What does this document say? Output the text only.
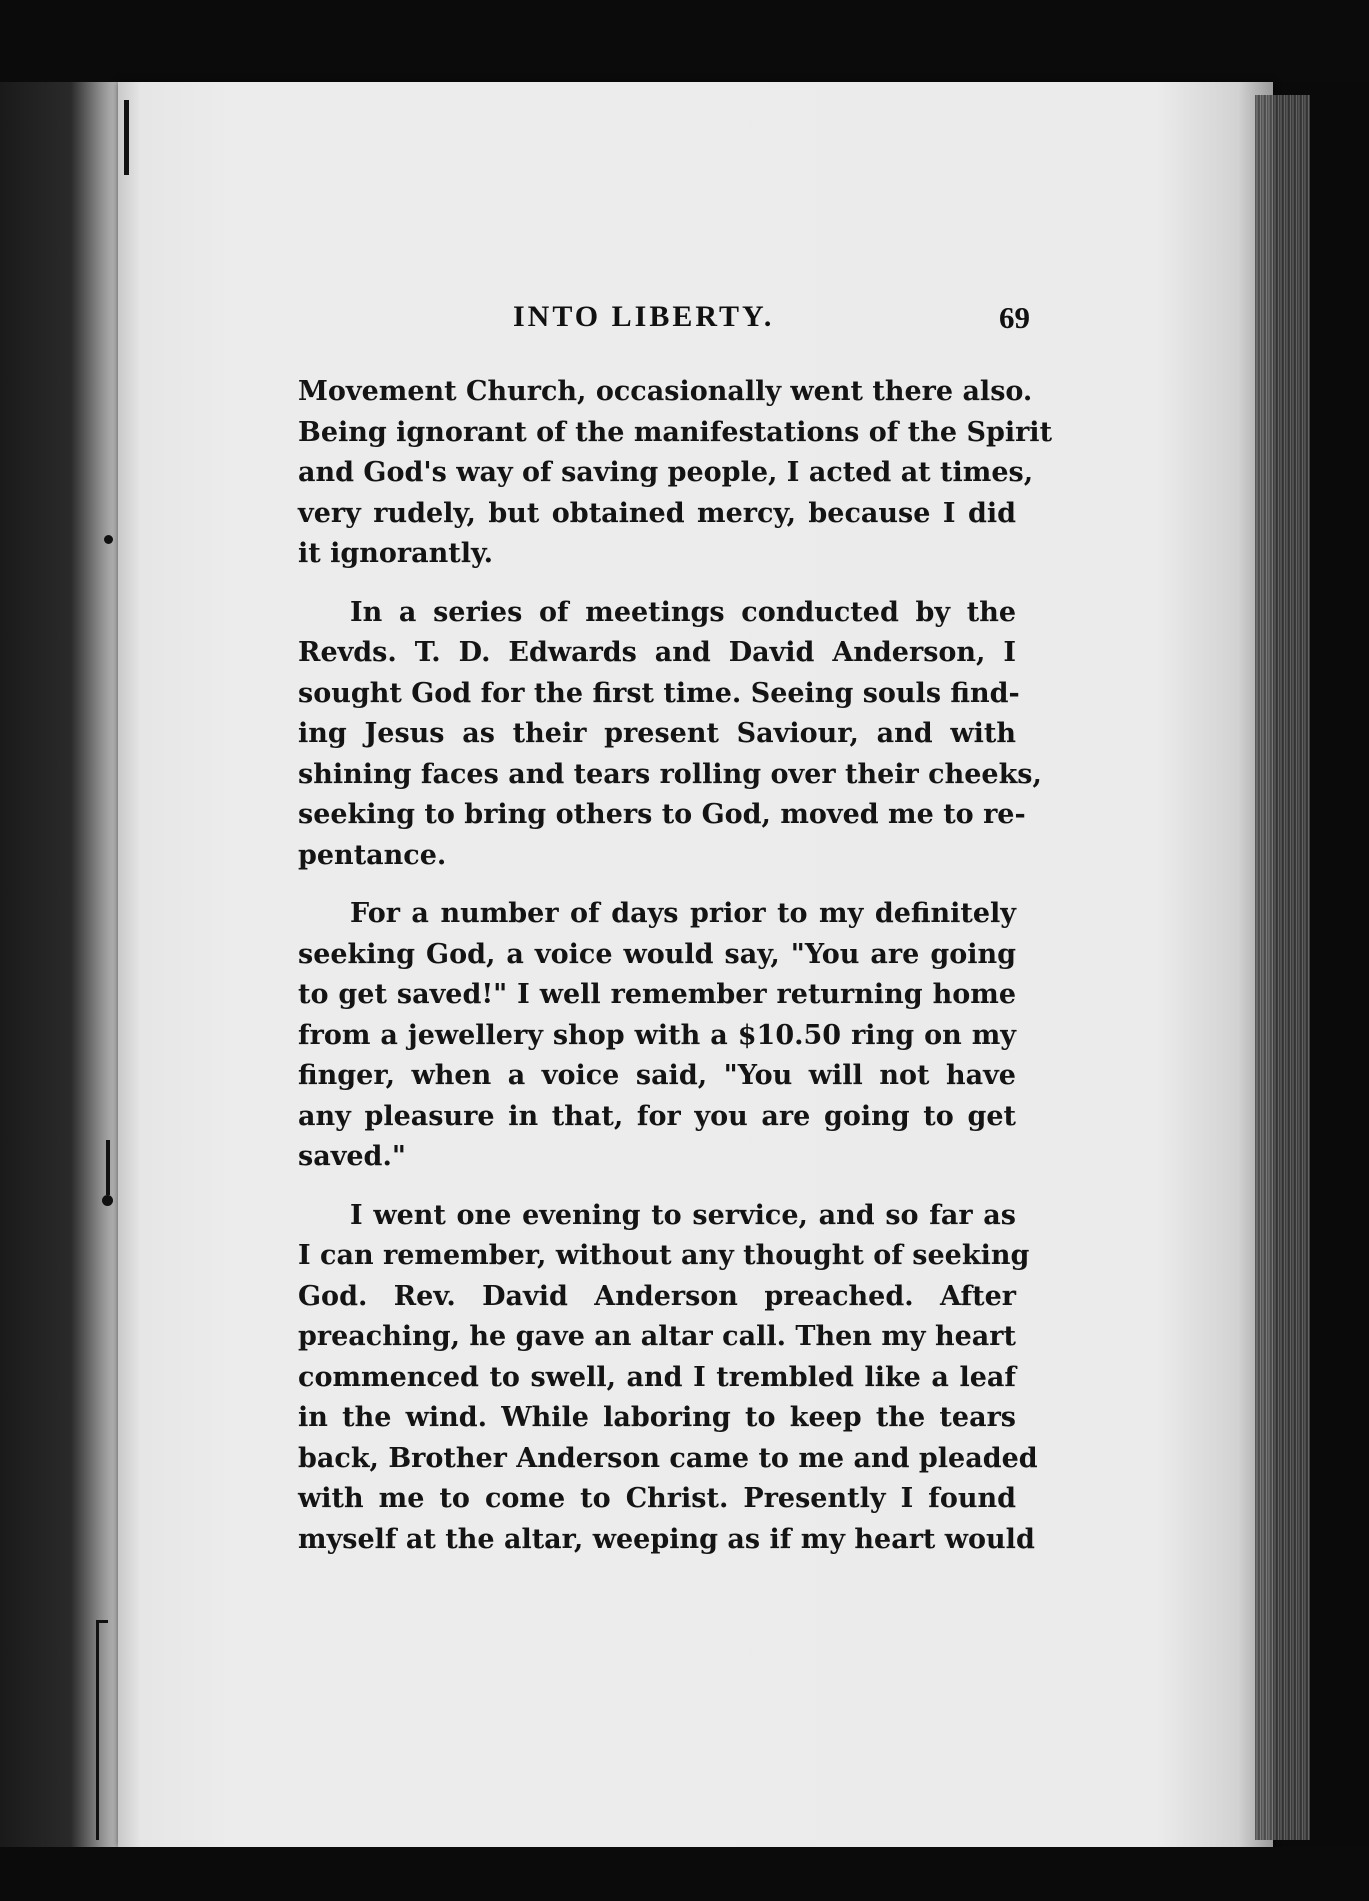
INTO LIBERTY.	69

Movement Church, occasionally went there also.
Being ignorant of the manifestations of the Spirit
and God's way of saving people, I acted at times,
very rudely, but obtained mercy, because I did
it ignorantly.

In a series of meetings conducted by the
Revds. T. D. Edwards and David Anderson, I
sought God for the first time. Seeing souls find-
ing Jesus as their present Saviour, and with
shining faces and tears rolling over their cheeks,
seeking to bring others to God, moved me to re-
pentance.

For a number of days prior to my definitely
seeking God, a voice would say, "You are going
to get saved!" I well remember returning home
from a jewellery shop with a $10.50 ring on my
finger, when a voice said, "You will not have
any pleasure in that, for you are going to get
saved."

I went one evening to service, and so far as
I can remember, without any thought of seeking
God. Rev. David Anderson preached. After
preaching, he gave an altar call. Then my heart
commenced to swell, and I trembled like a leaf
in the wind. While laboring to keep the tears
back, Brother Anderson came to me and pleaded
with me to come to Christ. Presently I found
myself at the altar, weeping as if my heart would
